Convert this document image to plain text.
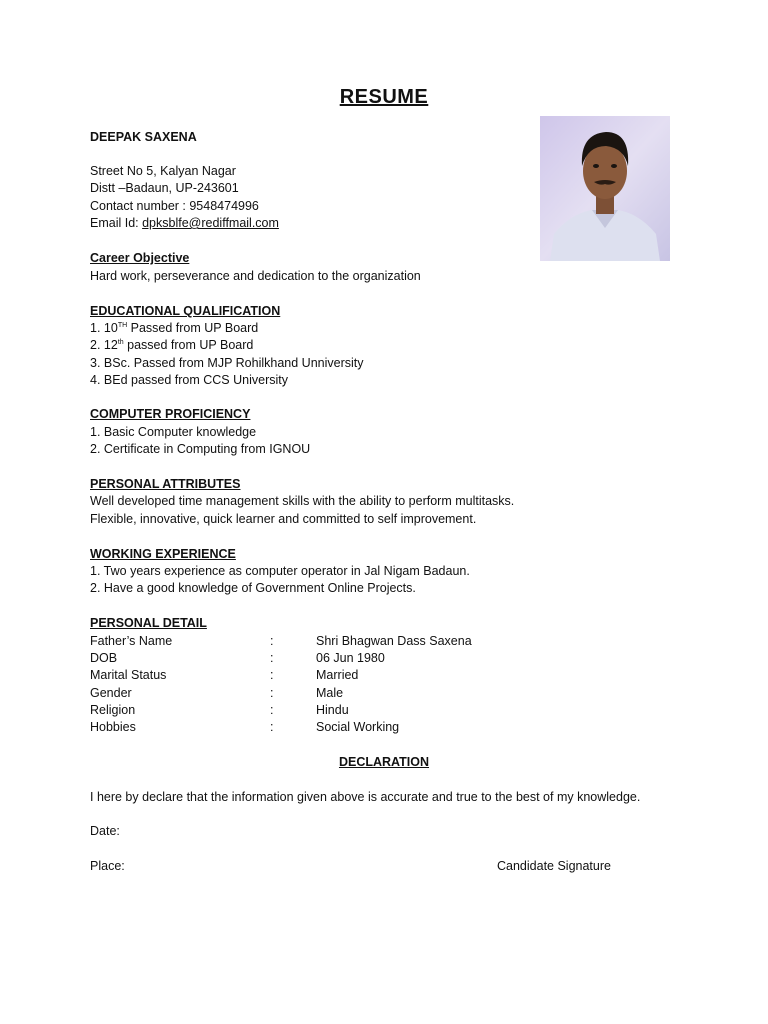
RESUME
DEEPAK SAXENA
Street No 5, Kalyan Nagar
Distt –Badaun, UP-243601
Contact number : 9548474996
Email Id: dpksblfe@rediffmail.com
Career Objective
Hard work, perseverance and dedication to the organization
EDUCATIONAL QUALIFICATION
1. 10TH Passed from UP Board
2. 12th passed from UP Board
3. BSc. Passed from MJP Rohilkhand Unniversity
4. BEd passed from CCS University
COMPUTER PROFICIENCY
1. Basic Computer knowledge
2. Certificate in Computing from IGNOU
PERSONAL ATTRIBUTES
Well developed time management skills with the ability to perform multitasks.
Flexible, innovative, quick learner and committed to self improvement.
WORKING EXPERIENCE
1. Two years experience as computer operator in Jal Nigam Badaun.
2. Have a good knowledge of Government Online Projects.
PERSONAL DETAIL
Father’s Name	:	Shri Bhagwan Dass Saxena
DOB	:	06 Jun 1980
Marital Status	:	Married
Gender	:	Male
Religion	:	Hindu
Hobbies	:	Social Working
DECLARATION
I here by declare that the information given above is accurate and true to the best of my knowledge.
Date:
Place:	Candidate Signature
